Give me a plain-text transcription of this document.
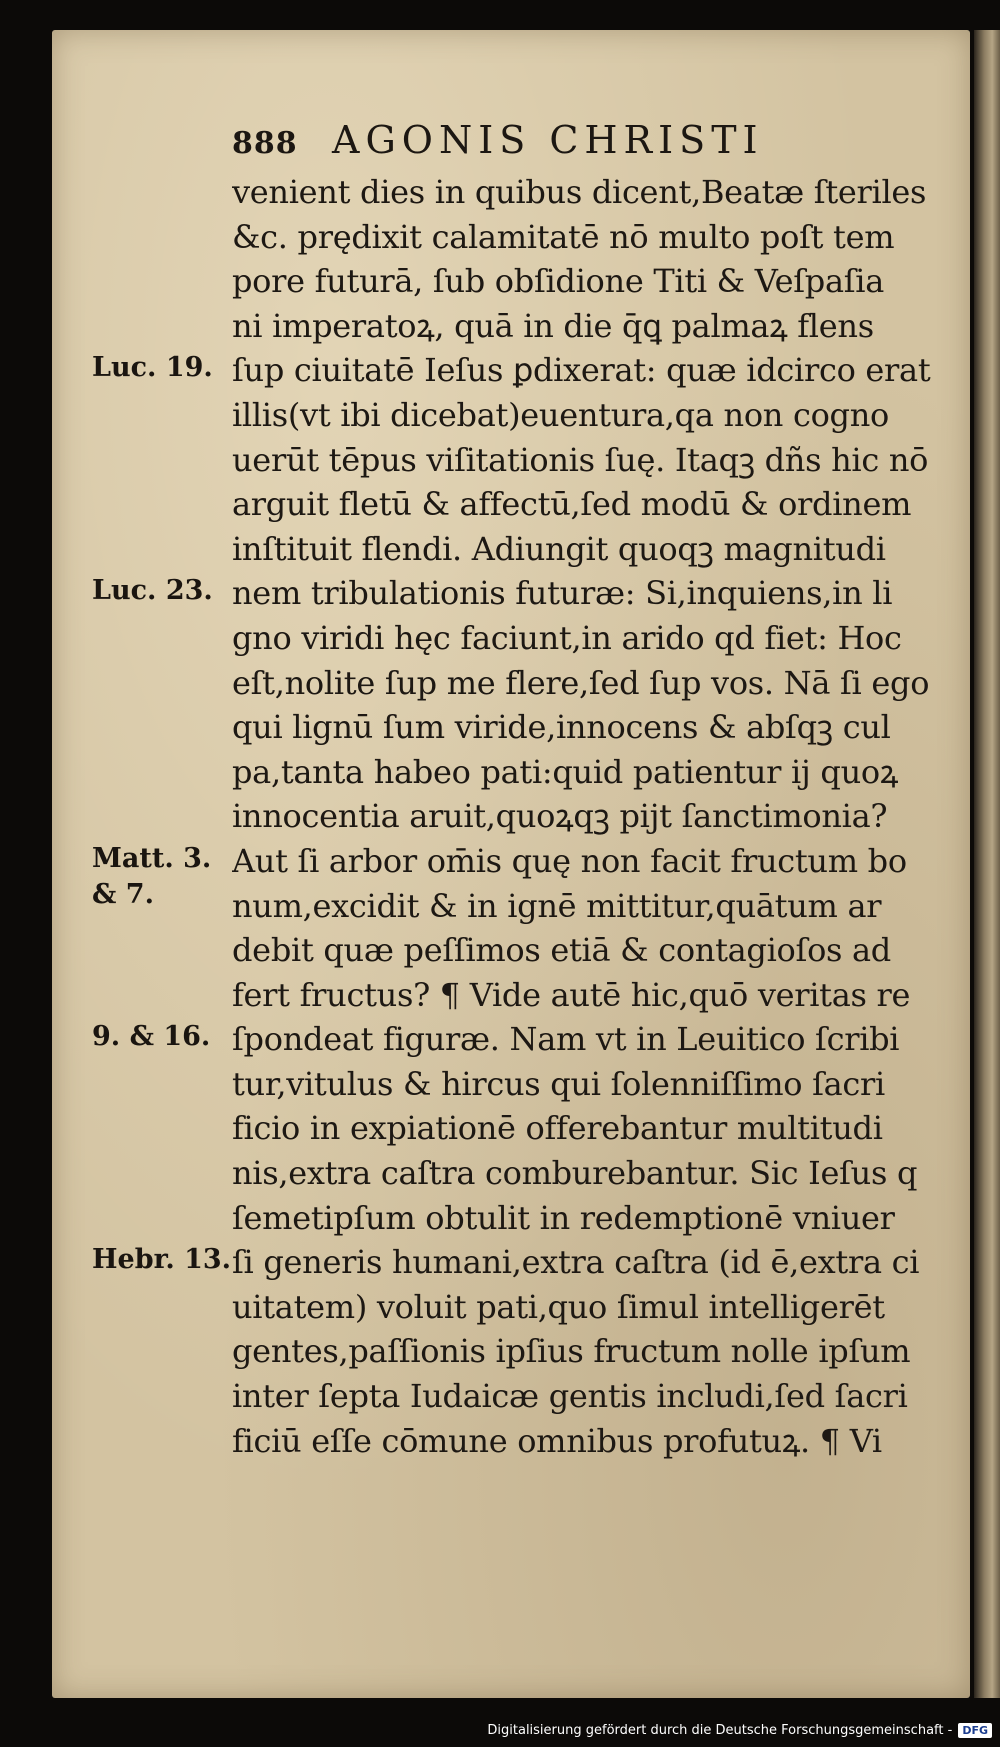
888 AGONIS CHRISTI
venient dies in quibus dicent,Beatæ ſteriles
&c. prędixit calamitatē nō multo poſt tem
pore futurā, ſub obſidione Titi & Veſpaſia
ni imperatoꝝ, quā in die q̄ꝗ palmaꝝ flens
ſup ciuitatē Ieſus ꝑdixerat: quæ idcirco erat
illis(vt ibi dicebat)euentura,qa non cogno
uerūt tēpus viſitationis ſuę. Itaqꝫ dñs hic nō
arguit fletū & affectū,ſed modū & ordinem
inſtituit flendi. Adiungit quoqꝫ magnitudi
nem tribulationis futuræ: Si,inquiens,in li
gno viridi hęc faciunt,in arido qd fiet: Hoc
eſt,nolite ſup me flere,ſed ſup vos. Nā ſi ego
qui lignū ſum viride,innocens & abſqꝫ cul
pa,tanta habeo pati:quid patientur ij quoꝝ
innocentia aruit,quoꝝqꝫ pijt ſanctimonia?
Aut ſi arbor om̄is quę non facit fructum bo
num,excidit & in ignē mittitur,quātum ar
debit quæ peſſimos etiā & contagioſos ad
fert fructus? ¶ Vide autē hic,quō veritas re
ſpondeat figuræ. Nam vt in Leuitico ſcribi
tur,vitulus & hircus qui ſolenniſſimo ſacri
ficio in expiationē offerebantur multitudi
nis,extra caſtra comburebantur. Sic Ieſus q
ſemetipſum obtulit in redemptionē vniuer
ſi generis humani,extra caſtra (id ē,extra ci
uitatem) voluit pati,quo ſimul intelligerēt
gentes,paſſionis ipſius fructum nolle ipſum
inter ſepta Iudaicæ gentis includi,ſed ſacri
ficiū eſſe cōmune omnibus profutuꝝ. ¶ Vi
Luc. 19.
Luc. 23.
Matt. 3.
& 7.
9. & 16.
Hebr. 13.
Digitalisierung gefördert durch die Deutsche Forschungsgemeinschaft - DFG
